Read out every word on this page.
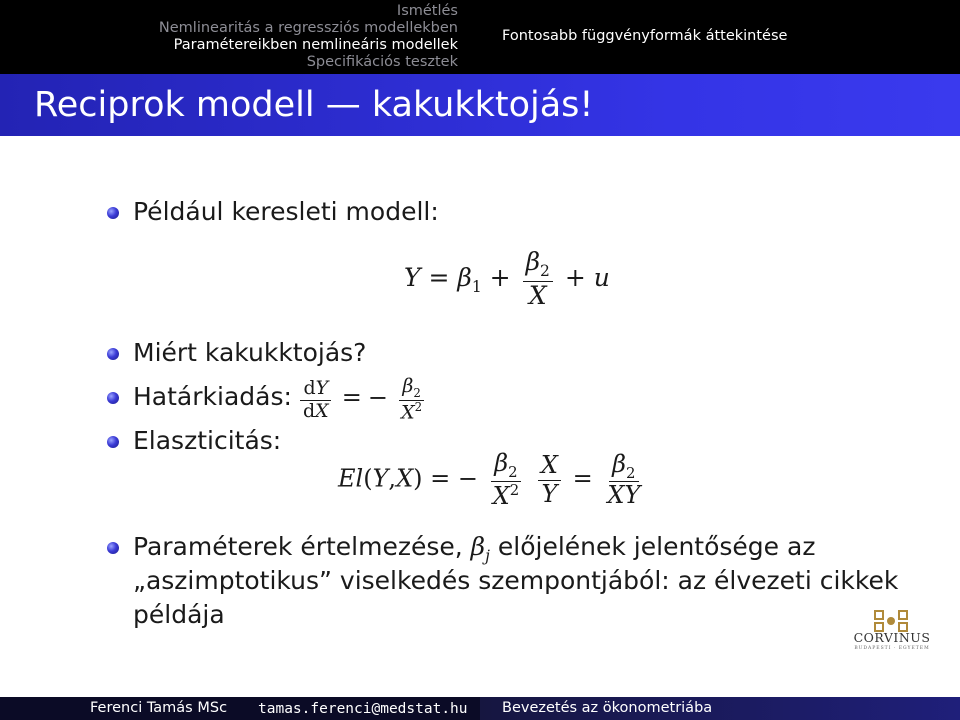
Ismétlés
Nemlinearitás a regressziós modellekben
Paramétereikben nemlineáris modellek
Specifikációs tesztek
Fontosabb függvényformák áttekintése
Reciprok modell — kakukktojás!
Például keresleti modell:
$Y = \beta_1 + \frac{\beta_2}{X} + u$
Miért kakukktojás?
Határkiadás: $\frac{dY}{dX}$ = − $\frac{\beta_2}{X^2}$
Elaszticitás:
El(Y,X) = − $\frac{\beta_2}{X^2}$
$\frac{X}{Y} = \frac{\beta_2}{XY}$
Paraméterek értelmezése, $\beta_j$ előjelének jelentősége az
„aszimptotikus” viselkedés szempontjából: az élvezeti cikkek
példája
CORVINUS
BUDAPESTI · EGYETEM
Ferenci Tamás MSc tamas.ferenci@medstat.hu Bevezetés az ökonometriába
